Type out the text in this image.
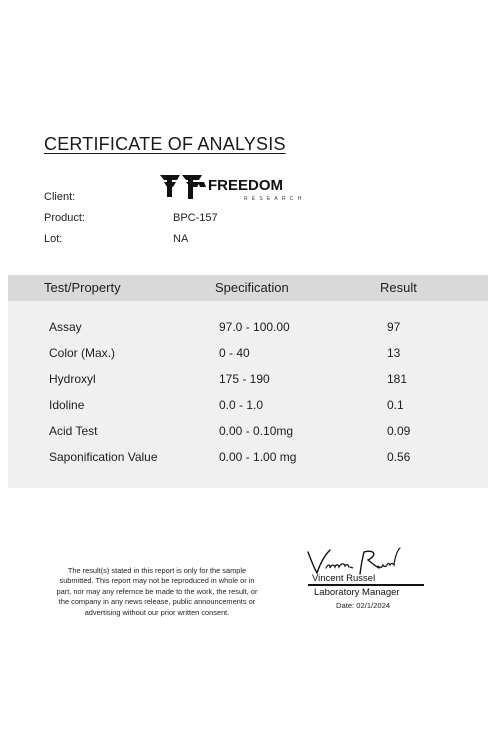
CERTIFICATE OF ANALYSIS
FREEDOM
RESEARCH
Client:
Product:	BPC-157
Lot:	NA
Test/Property	Specification	Result
Assay	97.0 - 100.00	97
Color (Max.)	0 - 40	13
Hydroxyl	175 - 190	181
Idoline	0.0 - 1.0	0.1
Acid Test	0.00 - 0.10mg	0.09
Saponification Value	0.00 - 1.00 mg	0.56
The result(s) stated in this report is only for the sample
submitted. This report may not be reproduced in whole or in
part, nor may any refernce be made to the work, the result, or
the company in any news release, public announcements or
advertising without our prior written consent.
Vincent Russel
Laboratory Manager
Date: 02/1/2024
